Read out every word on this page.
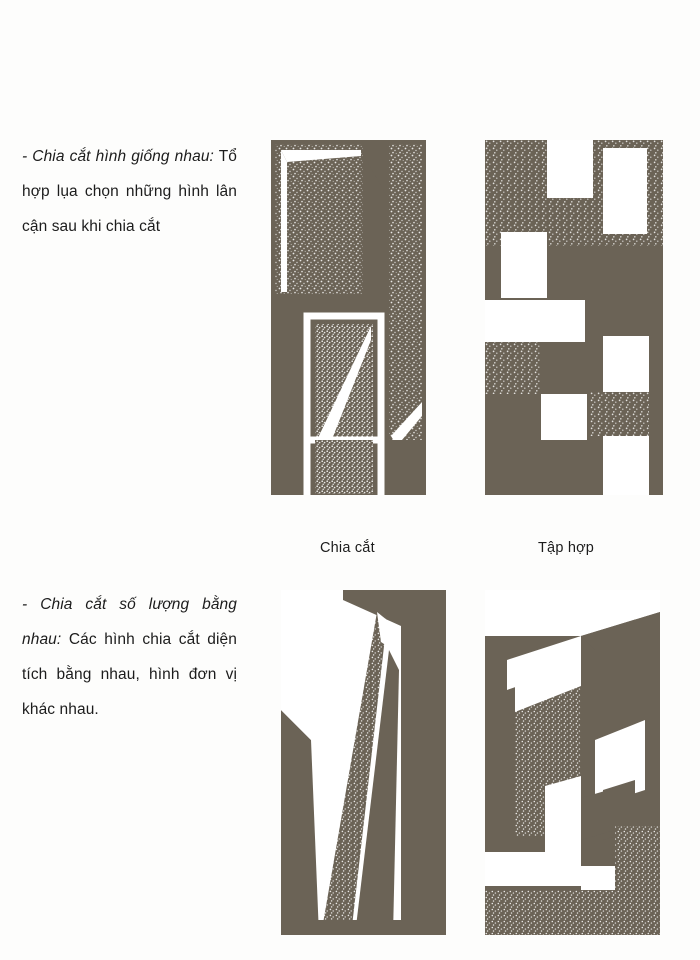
- Chia cắt hình giống nhau: Tổ hợp lụa chọn những hình lân cận sau khi chia cắt
- Chia cắt số lượng bằng nhau: Các hình chia cắt diện tích bằng nhau, hình đơn vị khác nhau.
Chia cắt	Tập hợp
